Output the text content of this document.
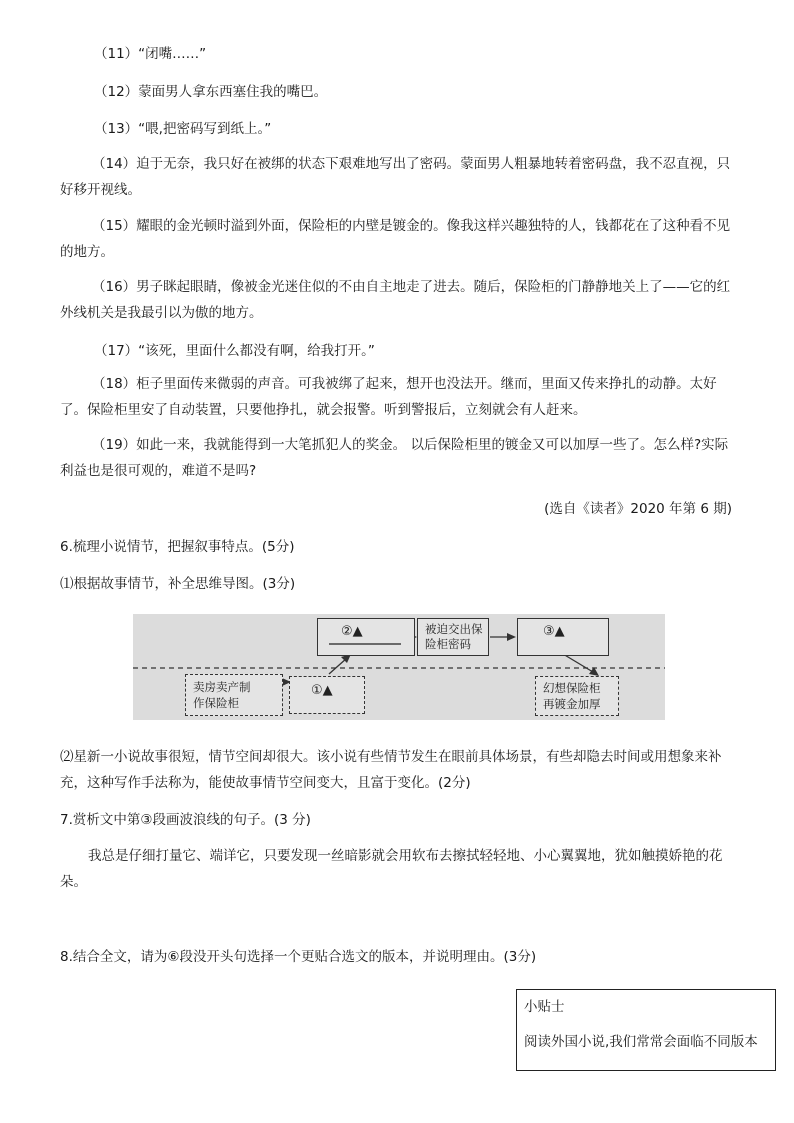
（11）“闭嘴……”
（12）蒙面男人拿东西塞住我的嘴巴。
（13）“喂,把密码写到纸上。”
（14）迫于无奈，我只好在被绑的状态下艰难地写出了密码。蒙面男人粗暴地转着密码盘，我不忍直视，只好移开视线。
（15）耀眼的金光顿时溢到外面，保险柜的内壁是镀金的。像我这样兴趣独特的人，钱都花在了这种看不见的地方。
（16）男子眯起眼睛，像被金光迷住似的不由自主地走了进去。随后，保险柜的门静静地关上了——它的红外线机关是我最引以为傲的地方。
（17）“该死，里面什么都没有啊，给我打开。”
（18）柜子里面传来微弱的声音。可我被绑了起来，想开也没法开。继而，里面又传来挣扎的动静。太好了。保险柜里安了自动装置，只要他挣扎，就会报警。听到警报后，立刻就会有人赶来。
（19）如此一来，我就能得到一大笔抓犯人的奖金。 以后保险柜里的镀金又可以加厚一些了。怎么样?实际利益也是很可观的，难道不是吗?
(选自《读者》2020 年第 6 期)
6.梳理小说情节，把握叙事特点。(5分)
⑴根据故事情节，补全思维导图。(3分)
②▲	被迫交出保
险柜密码
③▲
卖房卖产制
作保险柜
①▲	幻想保险柜
再镀金加厚
⑵星新一小说故事很短，情节空间却很大。该小说有些情节发生在眼前具体场景，有些却隐去时间或用想象来补充，这种写作手法称为，能使故事情节空间变大，且富于变化。(2分)
7.赏析文中第③段画波浪线的句子。(3 分)
我总是仔细打量它、端详它，只要发现一丝暗影就会用软布去擦拭轻轻地、小心翼翼地，犹如触摸娇艳的花朵。
8.结合全文，请为⑥段没开头句选择一个更贴合选文的版本，并说明理由。(3分)
小贴士
阅读外国小说,我们常常会面临不同版本
